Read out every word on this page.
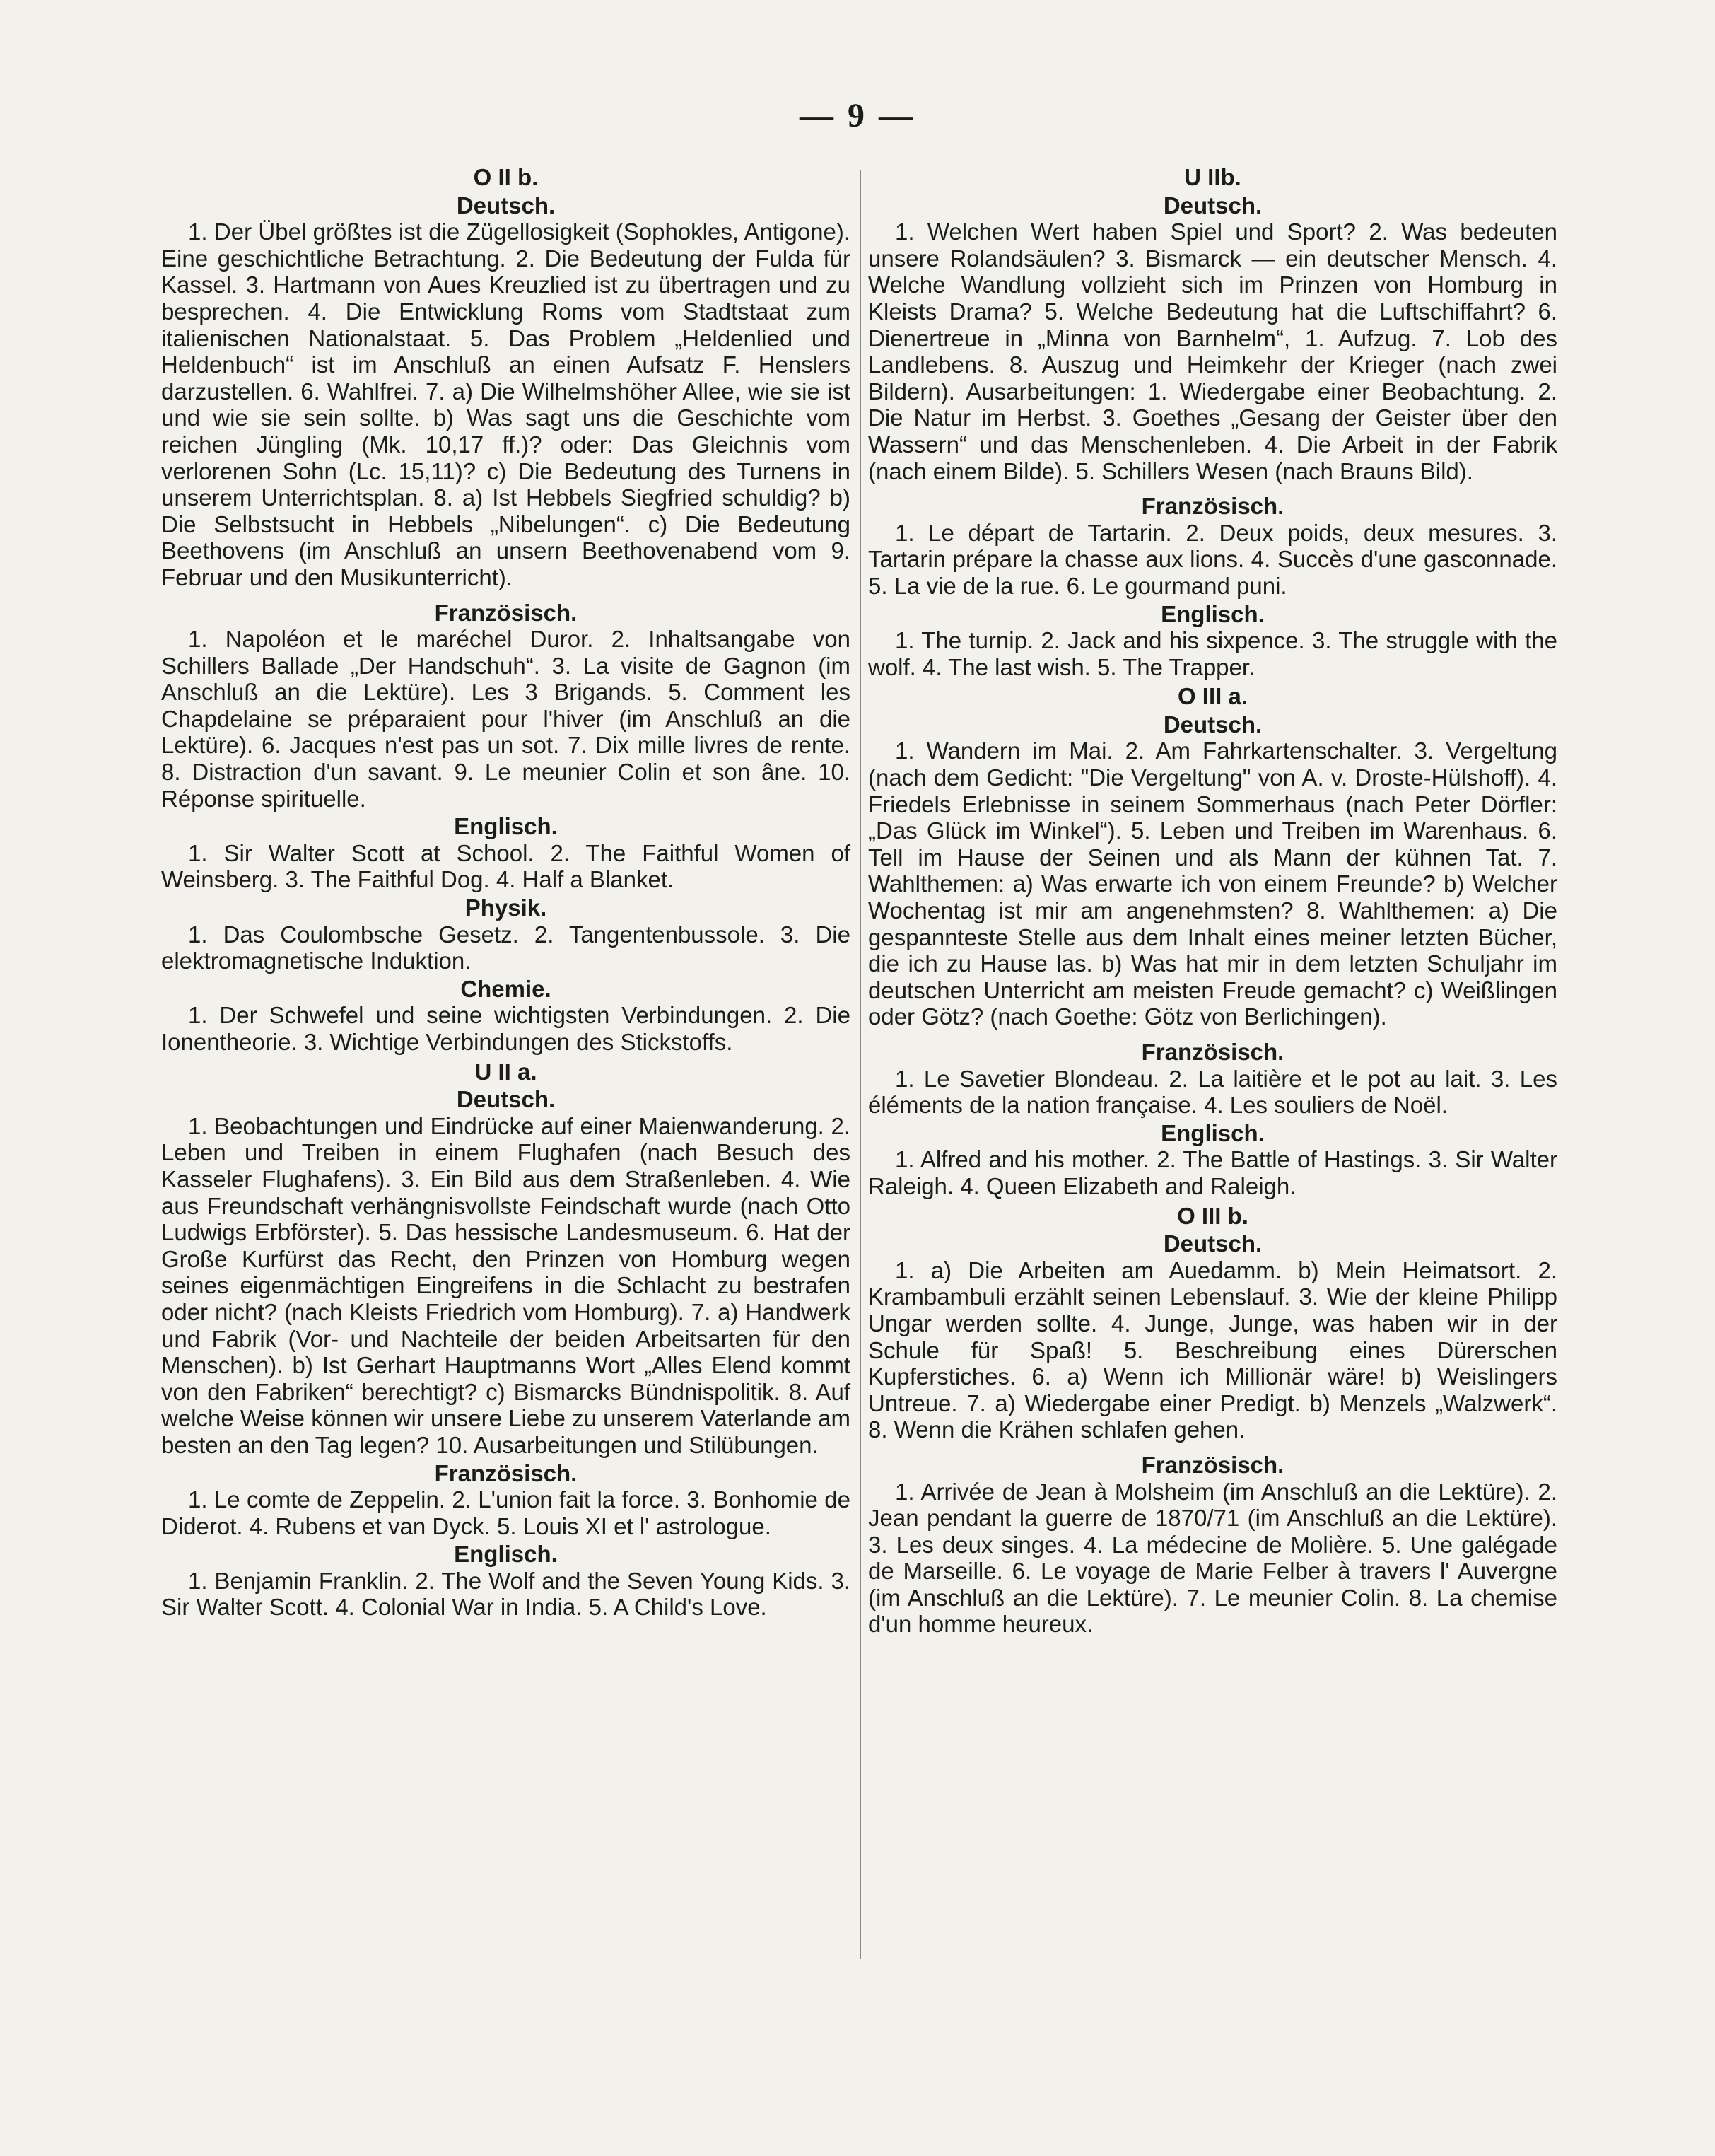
— 9 —

O II b.

Deutsch.

1. Der Übel größtes ist die Zügellosigkeit (Sophokles, Antigone). Eine geschichtliche Betrachtung. 2. Die Bedeutung der Fulda für Kassel. 3. Hartmann von Aues Kreuzlied ist zu übertragen und zu besprechen. 4. Die Entwicklung Roms vom Stadtstaat zum italienischen Nationalstaat. 5. Das Problem „Heldenlied und Heldenbuch“ ist im Anschluß an einen Aufsatz F. Henslers darzustellen. 6. Wahlfrei. 7. a) Die Wilhelmshöher Allee, wie sie ist und wie sie sein sollte. b) Was sagt uns die Geschichte vom reichen Jüngling (Mk. 10,17 ff.)? oder: Das Gleichnis vom verlorenen Sohn (Lc. 15,11)? c) Die Bedeutung des Turnens in unserem Unterrichtsplan. 8. a) Ist Hebbels Siegfried schuldig? b) Die Selbstsucht in Hebbels „Nibelungen“. c) Die Bedeutung Beethovens (im Anschluß an unsern Beethovenabend vom 9. Februar und den Musikunterricht).

Französisch.

1. Napoléon et le maréchel Duror. 2. Inhaltsangabe von Schillers Ballade „Der Handschuh“. 3. La visite de Gagnon (im Anschluß an die Lektüre). Les 3 Brigands. 5. Comment les Chapdelaine se préparaient pour l'hiver (im Anschluß an die Lektüre). 6. Jacques n'est pas un sot. 7. Dix mille livres de rente. 8. Distraction d'un savant. 9. Le meunier Colin et son âne. 10. Réponse spirituelle.

Englisch.

1. Sir Walter Scott at School. 2. The Faithful Women of Weinsberg. 3. The Faithful Dog. 4. Half a Blanket.

Physik.

1. Das Coulombsche Gesetz. 2. Tangentenbussole. 3. Die elektromagnetische Induktion.

Chemie.

1. Der Schwefel und seine wichtigsten Verbindungen. 2. Die Ionentheorie. 3. Wichtige Verbindungen des Stickstoffs.

U II a.

Deutsch.

1. Beobachtungen und Eindrücke auf einer Maienwanderung. 2. Leben und Treiben in einem Flughafen (nach Besuch des Kasseler Flughafens). 3. Ein Bild aus dem Straßenleben. 4. Wie aus Freundschaft verhängnisvollste Feindschaft wurde (nach Otto Ludwigs Erbförster). 5. Das hessische Landesmuseum. 6. Hat der Große Kurfürst das Recht, den Prinzen von Homburg wegen seines eigenmächtigen Eingreifens in die Schlacht zu bestrafen oder nicht? (nach Kleists Friedrich vom Homburg). 7. a) Handwerk und Fabrik (Vor- und Nachteile der beiden Arbeitsarten für den Menschen). b) Ist Gerhart Hauptmanns Wort „Alles Elend kommt von den Fabriken“ berechtigt? c) Bismarcks Bündnispolitik. 8. Auf welche Weise können wir unsere Liebe zu unserem Vaterlande am besten an den Tag legen? 10. Ausarbeitungen und Stilübungen.

Französisch.

1. Le comte de Zeppelin. 2. L'union fait la force. 3. Bonhomie de Diderot. 4. Rubens et van Dyck. 5. Louis XI et l' astrologue.

Englisch.

1. Benjamin Franklin. 2. The Wolf and the Seven Young Kids. 3. Sir Walter Scott. 4. Colonial War in India. 5. A Child's Love.

U IIb.

Deutsch.

1. Welchen Wert haben Spiel und Sport? 2. Was bedeuten unsere Rolandsäulen? 3. Bismarck — ein deutscher Mensch. 4. Welche Wandlung vollzieht sich im Prinzen von Homburg in Kleists Drama? 5. Welche Bedeutung hat die Luftschiffahrt? 6. Dienertreue in „Minna von Barnhelm“, 1. Aufzug. 7. Lob des Landlebens. 8. Auszug und Heimkehr der Krieger (nach zwei Bildern). Ausarbeitungen: 1. Wiedergabe einer Beobachtung. 2. Die Natur im Herbst. 3. Goethes „Gesang der Geister über den Wassern“ und das Menschenleben. 4. Die Arbeit in der Fabrik (nach einem Bilde). 5. Schillers Wesen (nach Brauns Bild).

Französisch.

1. Le départ de Tartarin. 2. Deux poids, deux mesures. 3. Tartarin prépare la chasse aux lions. 4. Succès d'une gasconnade. 5. La vie de la rue. 6. Le gourmand puni.

Englisch.

1. The turnip. 2. Jack and his sixpence. 3. The struggle with the wolf. 4. The last wish. 5. The Trapper.

O III a.

Deutsch.

1. Wandern im Mai. 2. Am Fahrkartenschalter. 3. Vergeltung (nach dem Gedicht: "Die Vergeltung" von A. v. Droste-Hülshoff). 4. Friedels Erlebnisse in seinem Sommerhaus (nach Peter Dörfler: „Das Glück im Winkel“). 5. Leben und Treiben im Warenhaus. 6. Tell im Hause der Seinen und als Mann der kühnen Tat. 7. Wahlthemen: a) Was erwarte ich von einem Freunde? b) Welcher Wochentag ist mir am angenehmsten? 8. Wahlthemen: a) Die gespannteste Stelle aus dem Inhalt eines meiner letzten Bücher, die ich zu Hause las. b) Was hat mir in dem letzten Schuljahr im deutschen Unterricht am meisten Freude gemacht? c) Weißlingen oder Götz? (nach Goethe: Götz von Berlichingen).

Französisch.

1. Le Savetier Blondeau. 2. La laitière et le pot au lait. 3. Les éléments de la nation française. 4. Les souliers de Noël.

Englisch.

1. Alfred and his mother. 2. The Battle of Hastings. 3. Sir Walter Raleigh. 4. Queen Elizabeth and Raleigh.

O III b.

Deutsch.

1. a) Die Arbeiten am Auedamm. b) Mein Heimatsort. 2. Krambambuli erzählt seinen Lebenslauf. 3. Wie der kleine Philipp Ungar werden sollte. 4. Junge, Junge, was haben wir in der Schule für Spaß! 5. Beschreibung eines Dürerschen Kupferstiches. 6. a) Wenn ich Millionär wäre! b) Weislingers Untreue. 7. a) Wiedergabe einer Predigt. b) Menzels „Walzwerk“. 8. Wenn die Krähen schlafen gehen.

Französisch.

1. Arrivée de Jean à Molsheim (im Anschluß an die Lektüre). 2. Jean pendant la guerre de 1870/71 (im Anschluß an die Lektüre). 3. Les deux singes. 4. La médecine de Molière. 5. Une galégade de Marseille. 6. Le voyage de Marie Felber à travers l' Auvergne (im Anschluß an die Lektüre). 7. Le meunier Colin. 8. La chemise d'un homme heureux.
